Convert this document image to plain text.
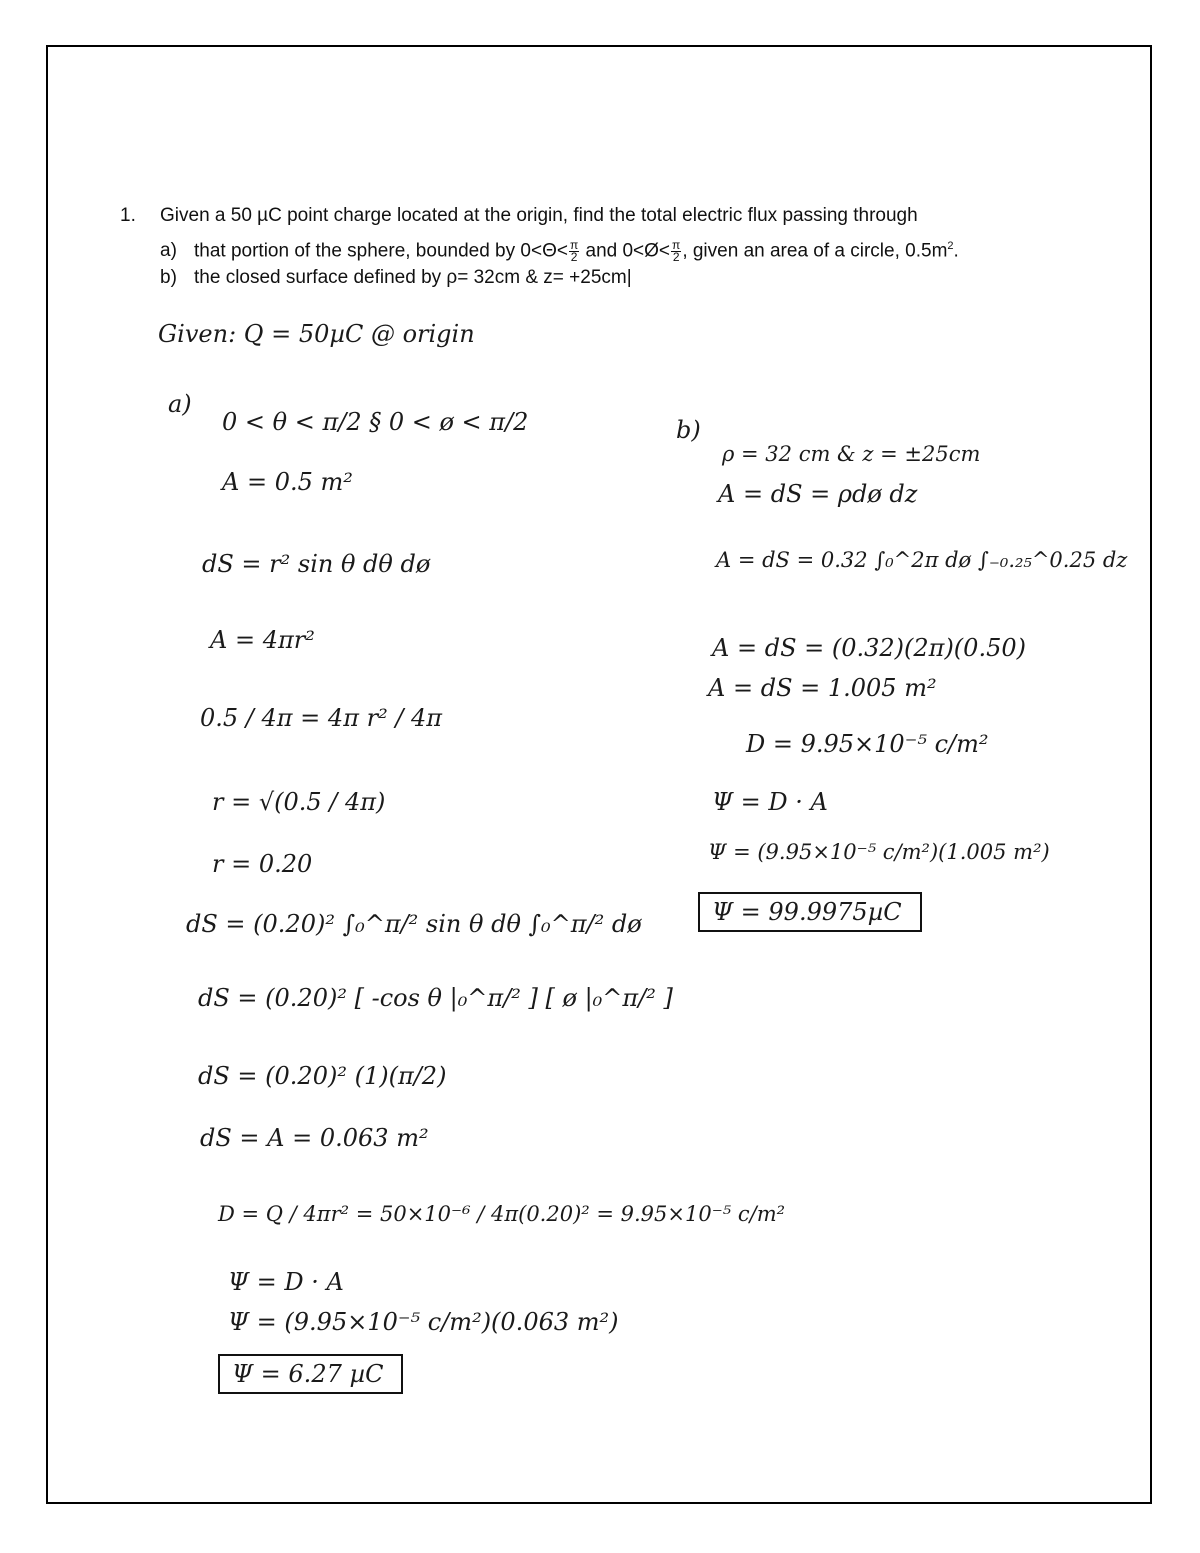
1. Given a 50 µC point charge located at the origin, find the total electric flux passing through
a) that portion of the sphere, bounded by $0<\Theta< \frac{\pi}{2}$ and 0<Ø< $\frac{\pi}{2}$ , given an area of a circle, $0.5m^2$.
b) the closed surface defined by ρ= 32cm & z= +25cm|
Given: Q = 50µC @ origin
a)
0 < θ < π/2 § 0 < ø < π/2
A = 0.5 m²
dS = r² sin θ dθ dø
A = 4πr²
0.5 / 4π = 4π r² / 4π
r = √(0.5 / 4π)
r = 0.20
dS = (0.20)² ∫₀^π/² sin θ dθ ∫₀^π/² dø
dS = (0.20)² [ -cos θ |₀^π/² ] [ ø |₀^π/² ]
dS = (0.20)² (1)(π/2)
dS = A = 0.063 m²
D = Q / 4πr² = 50×10⁻⁶ / 4π(0.20)² = 9.95×10⁻⁵ c/m²
Ψ = D · A
Ψ = (9.95×10⁻⁵ c/m²)(0.063 m²)
Ψ = 6.27 µC
b)
ρ = 32 cm & z = ±25cm
A = dS = ρdø dz
A = dS = 0.32 ∫₀^2π dø ∫₋₀.₂₅^0.25 dz
A = dS = (0.32)(2π)(0.50)
A = dS = 1.005 m²
D = 9.95×10⁻⁵ c/m²
Ψ = D · A
Ψ = (9.95×10⁻⁵ c/m²)(1.005 m²)
Ψ = 99.9975µC
